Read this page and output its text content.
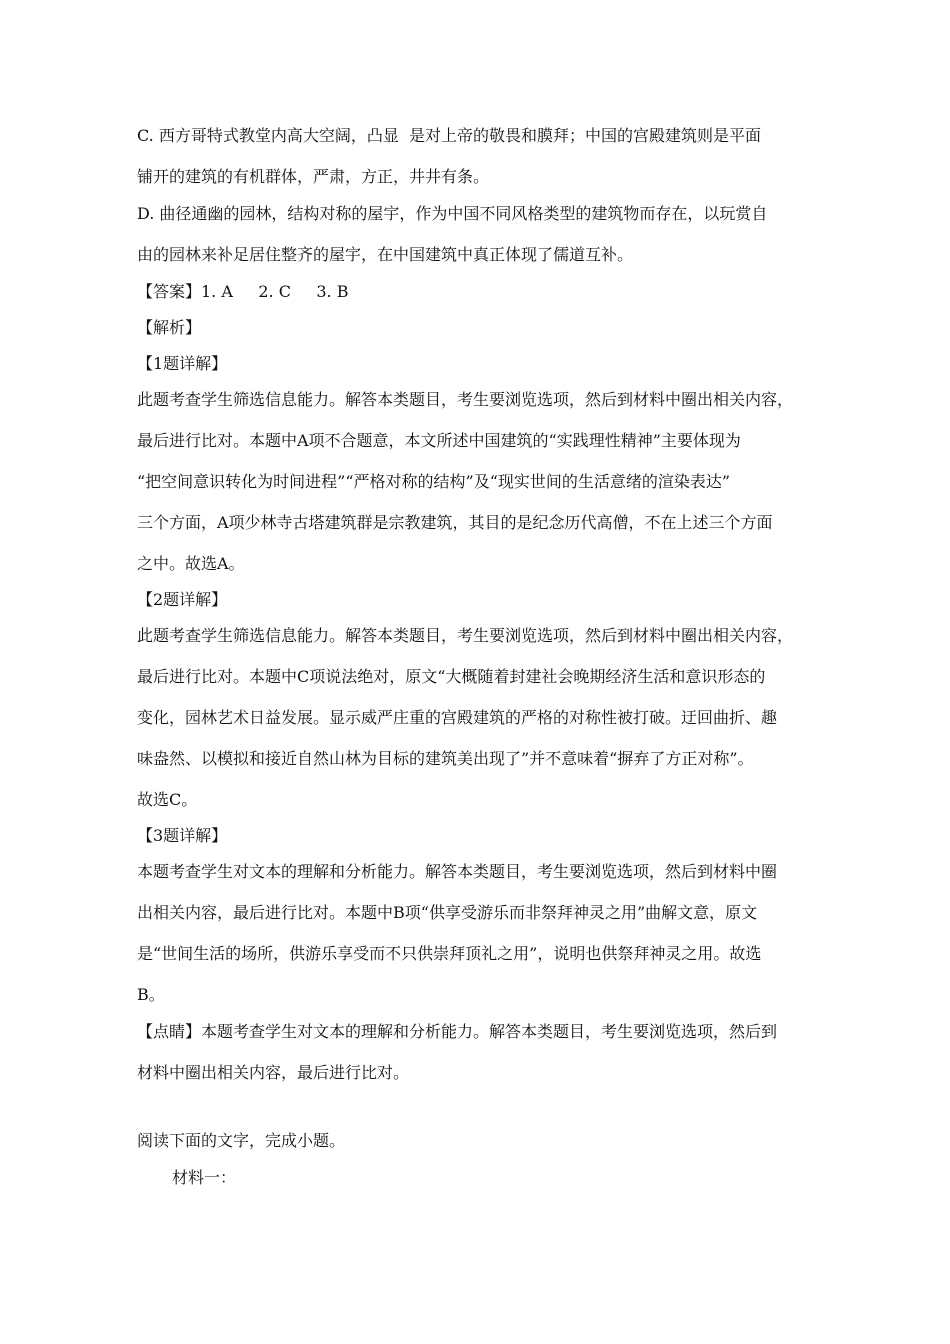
C. 西方哥特式教堂内高大空阔，凸显  是对上帝的敬畏和膜拜；中国的宫殿建筑则是平面
铺开的建筑的有机群体，严肃，方正，井井有条。
D. 曲径通幽的园林，结构对称的屋宇，作为中国不同风格类型的建筑物而存在，以玩赏自
由的园林来补足居住整齐的屋宇，在中国建筑中真正体现了儒道互补。
【答案】1. A     2. C     3. B
【解析】
【1题详解】
此题考查学生筛选信息能力。解答本类题目，考生要浏览选项，然后到材料中圈出相关内容，
最后进行比对。本题中A项不合题意，本文所述中国建筑的“实践理性精神”主要体现为
“把空间意识转化为时间进程”“严格对称的结构”及“现实世间的生活意绪的渲染表达”
三个方面，A项少林寺古塔建筑群是宗教建筑，其目的是纪念历代高僧，不在上述三个方面
之中。故选A。
【2题详解】
此题考查学生筛选信息能力。解答本类题目，考生要浏览选项，然后到材料中圈出相关内容，
最后进行比对。本题中C项说法绝对，原文“大概随着封建社会晚期经济生活和意识形态的
变化，园林艺术日益发展。显示威严庄重的宫殿建筑的严格的对称性被打破。迂回曲折、趣
味盎然、以模拟和接近自然山林为目标的建筑美出现了”并不意味着“摒弃了方正对称”。
故选C。
【3题详解】
本题考查学生对文本的理解和分析能力。解答本类题目，考生要浏览选项，然后到材料中圈
出相关内容，最后进行比对。本题中B项“供享受游乐而非祭拜神灵之用”曲解文意，原文
是“世间生活的场所，供游乐享受而不只供崇拜顶礼之用”，说明也供祭拜神灵之用。故选
B。
【点睛】本题考查学生对文本的理解和分析能力。解答本类题目，考生要浏览选项，然后到
材料中圈出相关内容，最后进行比对。
阅读下面的文字，完成小题。
材料一：
